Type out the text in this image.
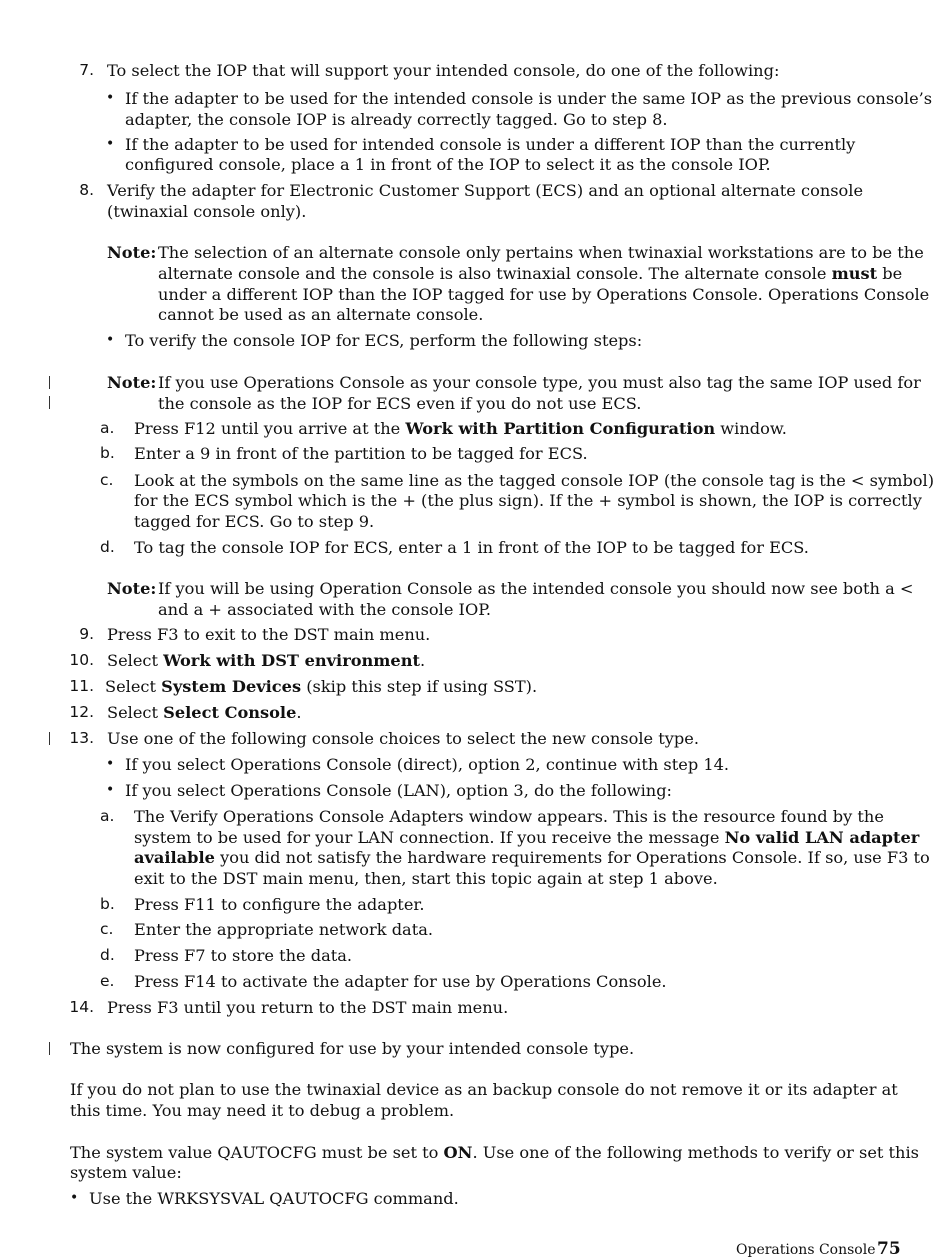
7. To select the IOP that will support your intended console, do one of the following:
• If the adapter to be used for the intended console is under the same IOP as the previous console’s
adapter, the console IOP is already correctly tagged. Go to step 8.
• If the adapter to be used for intended console is under a different IOP than the currently
configured console, place a 1 in front of the IOP to select it as the console IOP.
8. Verify the adapter for Electronic Customer Support (ECS) and an optional alternate console
(twinaxial console only).
Note: The selection of an alternate console only pertains when twinaxial workstations are to be the
alternate console and the console is also twinaxial console. The alternate console must be
under a different IOP than the IOP tagged for use by Operations Console. Operations Console
cannot be used as an alternate console.
• To verify the console IOP for ECS, perform the following steps:
Note: If you use Operations Console as your console type, you must also tag the same IOP used for
the console as the IOP for ECS even if you do not use ECS.
a.	Press F12 until you arrive at the Work with Partition Configuration window.
b.	Enter a 9 in front of the partition to be tagged for ECS.
c.	Look at the symbols on the same line as the tagged console IOP (the console tag is the < symbol)
for the ECS symbol which is the + (the plus sign). If the + symbol is shown, the IOP is correctly
tagged for ECS. Go to step 9.
d.	To tag the console IOP for ECS, enter a 1 in front of the IOP to be tagged for ECS.
Note: If you will be using Operation Console as the intended console you should now see both a <
and a + associated with the console IOP.
9. Press F3 to exit to the DST main menu.
10. Select Work with DST environment.
11. Select System Devices (skip this step if using SST).
12. Select Select Console.
13. Use one of the following console choices to select the new console type.
• If you select Operations Console (direct), option 2, continue with step 14.
• If you select Operations Console (LAN), option 3, do the following:
a.	The Verify Operations Console Adapters window appears. This is the resource found by the
system to be used for your LAN connection. If you receive the message No valid LAN adapter
available you did not satisfy the hardware requirements for Operations Console. If so, use F3 to
exit to the DST main menu, then, start this topic again at step 1 above.
b.	Press F11 to configure the adapter.
c.	Enter the appropriate network data.
d.	Press F7 to store the data.
e.	Press F14 to activate the adapter for use by Operations Console.
14. Press F3 until you return to the DST main menu.
The system is now configured for use by your intended console type.
If you do not plan to use the twinaxial device as an backup console do not remove it or its adapter at
this time. You may need it to debug a problem.
The system value QAUTOCFG must be set to ON. Use one of the following methods to verify or set this
system value:
• Use the WRKSYSVAL QAUTOCFG command.
Operations Console 75
